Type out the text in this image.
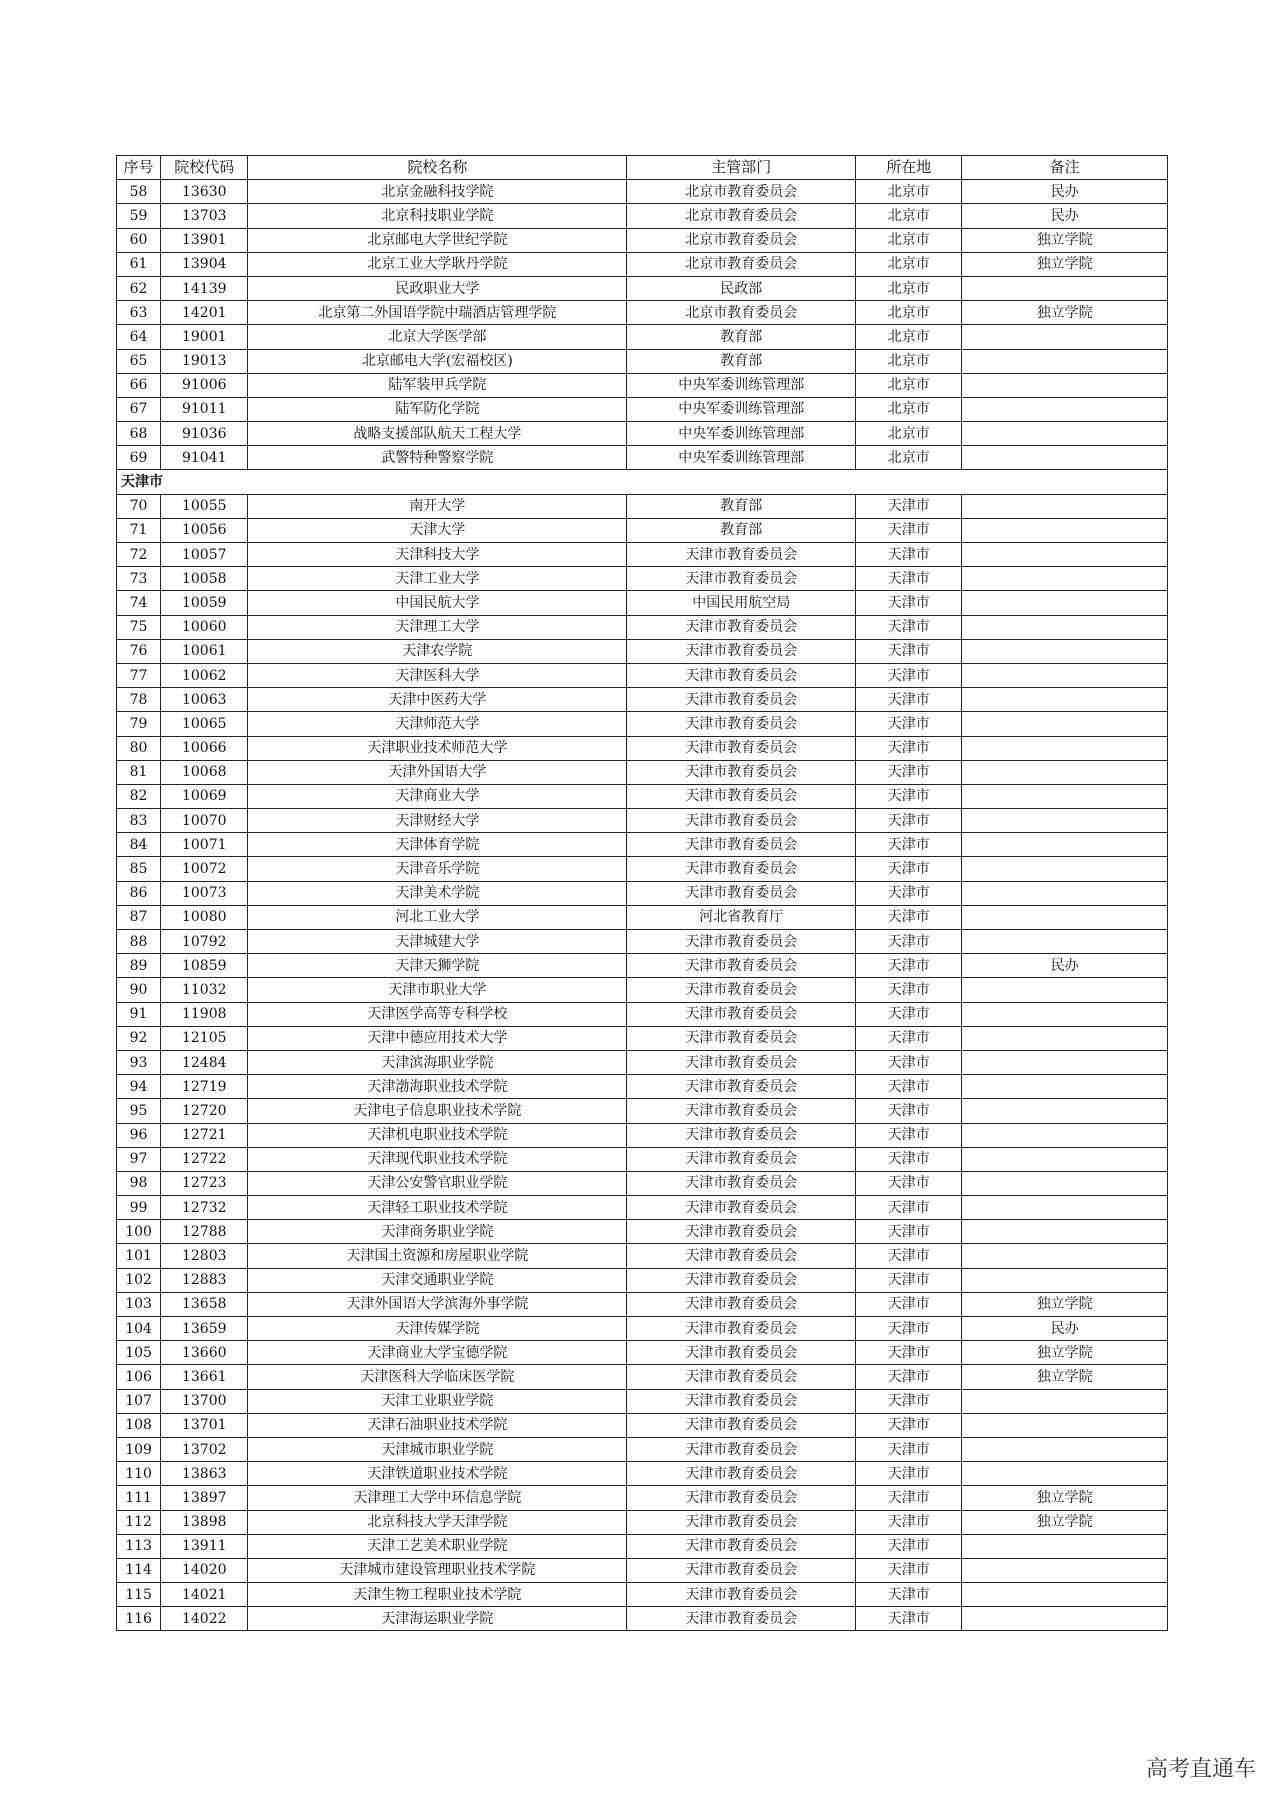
序号	院校代码	院校名称	主管部门	所在地	备注
58	13630	北京金融科技学院	北京市教育委员会	北京市	民办
59	13703	北京科技职业学院	北京市教育委员会	北京市	民办
60	13901	北京邮电大学世纪学院	北京市教育委员会	北京市	独立学院
61	13904	北京工业大学耿丹学院	北京市教育委员会	北京市	独立学院
62	14139	民政职业大学	民政部	北京市	
63	14201	北京第二外国语学院中瑞酒店管理学院	北京市教育委员会	北京市	独立学院
64	19001	北京大学医学部	教育部	北京市	
65	19013	北京邮电大学(宏福校区)	教育部	北京市	
66	91006	陆军装甲兵学院	中央军委训练管理部	北京市	
67	91011	陆军防化学院	中央军委训练管理部	北京市	
68	91036	战略支援部队航天工程大学	中央军委训练管理部	北京市	
69	91041	武警特种警察学院	中央军委训练管理部	北京市	
天津市					
70	10055	南开大学	教育部	天津市	
71	10056	天津大学	教育部	天津市	
72	10057	天津科技大学	天津市教育委员会	天津市	
73	10058	天津工业大学	天津市教育委员会	天津市	
74	10059	中国民航大学	中国民用航空局	天津市	
75	10060	天津理工大学	天津市教育委员会	天津市	
76	10061	天津农学院	天津市教育委员会	天津市	
77	10062	天津医科大学	天津市教育委员会	天津市	
78	10063	天津中医药大学	天津市教育委员会	天津市	
79	10065	天津师范大学	天津市教育委员会	天津市	
80	10066	天津职业技术师范大学	天津市教育委员会	天津市	
81	10068	天津外国语大学	天津市教育委员会	天津市	
82	10069	天津商业大学	天津市教育委员会	天津市	
83	10070	天津财经大学	天津市教育委员会	天津市	
84	10071	天津体育学院	天津市教育委员会	天津市	
85	10072	天津音乐学院	天津市教育委员会	天津市	
86	10073	天津美术学院	天津市教育委员会	天津市	
87	10080	河北工业大学	河北省教育厅	天津市	
88	10792	天津城建大学	天津市教育委员会	天津市	
89	10859	天津天狮学院	天津市教育委员会	天津市	民办
90	11032	天津市职业大学	天津市教育委员会	天津市	
91	11908	天津医学高等专科学校	天津市教育委员会	天津市	
92	12105	天津中德应用技术大学	天津市教育委员会	天津市	
93	12484	天津滨海职业学院	天津市教育委员会	天津市	
94	12719	天津渤海职业技术学院	天津市教育委员会	天津市	
95	12720	天津电子信息职业技术学院	天津市教育委员会	天津市	
96	12721	天津机电职业技术学院	天津市教育委员会	天津市	
97	12722	天津现代职业技术学院	天津市教育委员会	天津市	
98	12723	天津公安警官职业学院	天津市教育委员会	天津市	
99	12732	天津轻工职业技术学院	天津市教育委员会	天津市	
100	12788	天津商务职业学院	天津市教育委员会	天津市	
101	12803	天津国土资源和房屋职业学院	天津市教育委员会	天津市	
102	12883	天津交通职业学院	天津市教育委员会	天津市	
103	13658	天津外国语大学滨海外事学院	天津市教育委员会	天津市	独立学院
104	13659	天津传媒学院	天津市教育委员会	天津市	民办
105	13660	天津商业大学宝德学院	天津市教育委员会	天津市	独立学院
106	13661	天津医科大学临床医学院	天津市教育委员会	天津市	独立学院
107	13700	天津工业职业学院	天津市教育委员会	天津市	
108	13701	天津石油职业技术学院	天津市教育委员会	天津市	
109	13702	天津城市职业学院	天津市教育委员会	天津市	
110	13863	天津铁道职业技术学院	天津市教育委员会	天津市	
111	13897	天津理工大学中环信息学院	天津市教育委员会	天津市	独立学院
112	13898	北京科技大学天津学院	天津市教育委员会	天津市	独立学院
113	13911	天津工艺美术职业学院	天津市教育委员会	天津市	
114	14020	天津城市建设管理职业技术学院	天津市教育委员会	天津市	
115	14021	天津生物工程职业技术学院	天津市教育委员会	天津市	
116	14022	天津海运职业学院	天津市教育委员会	天津市	
高考直通车
